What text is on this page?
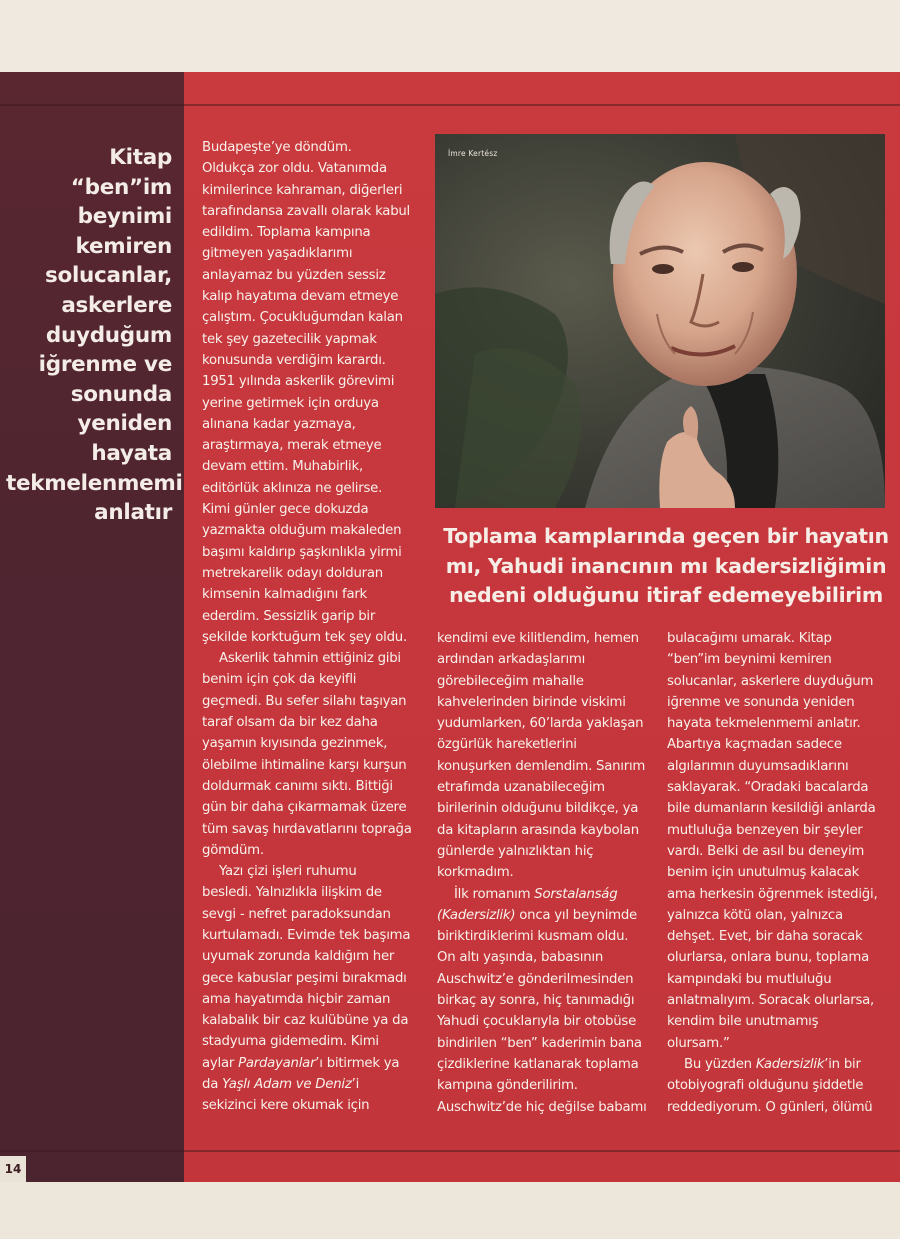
Kitap
“ben”im
beynimi
kemiren
solucanlar,
askerlere
duyduğum
iğrenme ve
sonunda
yeniden hayata
tekmelenmemi
anlatır

Budapeşte’ye döndüm.
Oldukça zor oldu. Vatanımda
kimilerince kahraman, diğerleri
tarafındansa zavallı olarak kabul
edildim. Toplama kampına
gitmeyen yaşadıklarımı
anlayamaz bu yüzden sessiz
kalıp hayatıma devam etmeye
çalıştım. Çocukluğumdan kalan
tek şey gazetecilik yapmak
konusunda verdiğim karardı.
1951 yılında askerlik görevimi
yerine getirmek için orduya
alınana kadar yazmaya,
araştırmaya, merak etmeye
devam ettim. Muhabirlik,
editörlük aklınıza ne gelirse.
Kimi günler gece dokuzda
yazmakta olduğum makaleden
başımı kaldırıp şaşkınlıkla yirmi
metrekarelik odayı dolduran
kimsenin kalmadığını fark
ederdim. Sessizlik garip bir
şekilde korktuğum tek şey oldu.

Askerlik tahmin ettiğiniz gibi
benim için çok da keyifli
geçmedi. Bu sefer silahı taşıyan
taraf olsam da bir kez daha
yaşamın kıyısında gezinmek,
ölebilme ihtimaline karşı kurşun
doldurmak canımı sıktı. Bittiği
gün bir daha çıkarmamak üzere
tüm savaş hırdavatlarını toprağa
gömdüm.

Yazı çizi işleri ruhumu
besledi. Yalnızlıkla ilişkim de
sevgi - nefret paradoksundan
kurtulamadı. Evimde tek başıma
uyumak zorunda kaldığım her
gece kabuslar peşimi bırakmadı
ama hayatımda hiçbir zaman
kalabalık bir caz kulübüne ya da
stadyuma gidemedim. Kimi
aylar Pardayanlar’ı bitirmek ya
da Yaşlı Adam ve Deniz’i
sekizinci kere okumak için

İmre Kertész
Toplama kamplarında geçen bir hayatın
mı, Yahudi inancının mı kadersizliğimin
nedeni olduğunu itiraf edemeyebilirim

kendimi eve kilitlendim, hemen
ardından arkadaşlarımı
görebileceğim mahalle
kahvelerinden birinde viskimi
yudumlarken, 60’larda yaklaşan
özgürlük hareketlerini
konuşurken demlendim. Sanırım
etrafımda uzanabileceğim
birilerinin olduğunu bildikçe, ya
da kitapların arasında kaybolan
günlerde yalnızlıktan hiç
korkmadım.

İlk romanım Sorstalanság
(Kadersizlik) onca yıl beynimde
biriktirdiklerimi kusmam oldu.
On altı yaşında, babasının
Auschwitz’e gönderilmesinden
birkaç ay sonra, hiç tanımadığı
Yahudi çocuklarıyla bir otobüse
bindirilen “ben” kaderimin bana
çizdiklerine katlanarak toplama
kampına gönderilirim.
Auschwitz’de hiç değilse babamı

bulacağımı umarak. Kitap
“ben”im beynimi kemiren
solucanlar, askerlere duyduğum
iğrenme ve sonunda yeniden
hayata tekmelenmemi anlatır.
Abartıya kaçmadan sadece
algılarımın duyumsadıklarını
saklayarak. “Oradaki bacalarda
bile dumanların kesildiği anlarda
mutluluğa benzeyen bir şeyler
vardı. Belki de asıl bu deneyim
benim için unutulmuş kalacak
ama herkesin öğrenmek istediği,
yalnızca kötü olan, yalnızca
dehşet. Evet, bir daha soracak
olurlarsa, onlara bunu, toplama
kampındaki bu mutluluğu
anlatmalıyım. Soracak olurlarsa,
kendim bile unutmamış
olursam.”

Bu yüzden Kadersizlik’in bir
otobiyografi olduğunu şiddetle
reddediyorum. O günleri, ölümü

14
